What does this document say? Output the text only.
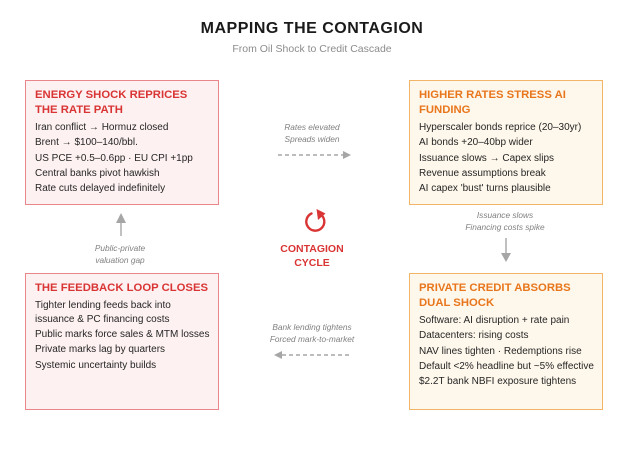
MAPPING THE CONTAGION
From Oil Shock to Credit Cascade
ENERGY SHOCK REPRICES THE RATE PATH
Iran conflict → Hormuz closed
Brent → $100–140/bbl.
US PCE +0.5–0.6pp · EU CPI +1pp
Central banks pivot hawkish
Rate cuts delayed indefinitely
HIGHER RATES STRESS AI FUNDING
Hyperscaler bonds reprice (20–30yr)
AI bonds +20–40bp wider
Issuance slows → Capex slips
Revenue assumptions break
AI capex 'bust' turns plausible
THE FEEDBACK LOOP CLOSES
Tighter lending feeds back into issuance & PC financing costs
Public marks force sales & MTM losses
Private marks lag by quarters
Systemic uncertainty builds
PRIVATE CREDIT ABSORBS DUAL SHOCK
Software: AI disruption + rate pain
Datacenters: rising costs
NAV lines tighten · Redemptions rise
Default <2% headline but ~5% effective
$2.2T bank NBFI exposure tightens
Rates elevated
Spreads widen
Issuance slows
Financing costs spike
Bank lending tightens
Forced mark-to-market
Public-private
valuation gap
CONTAGION
CYCLE
